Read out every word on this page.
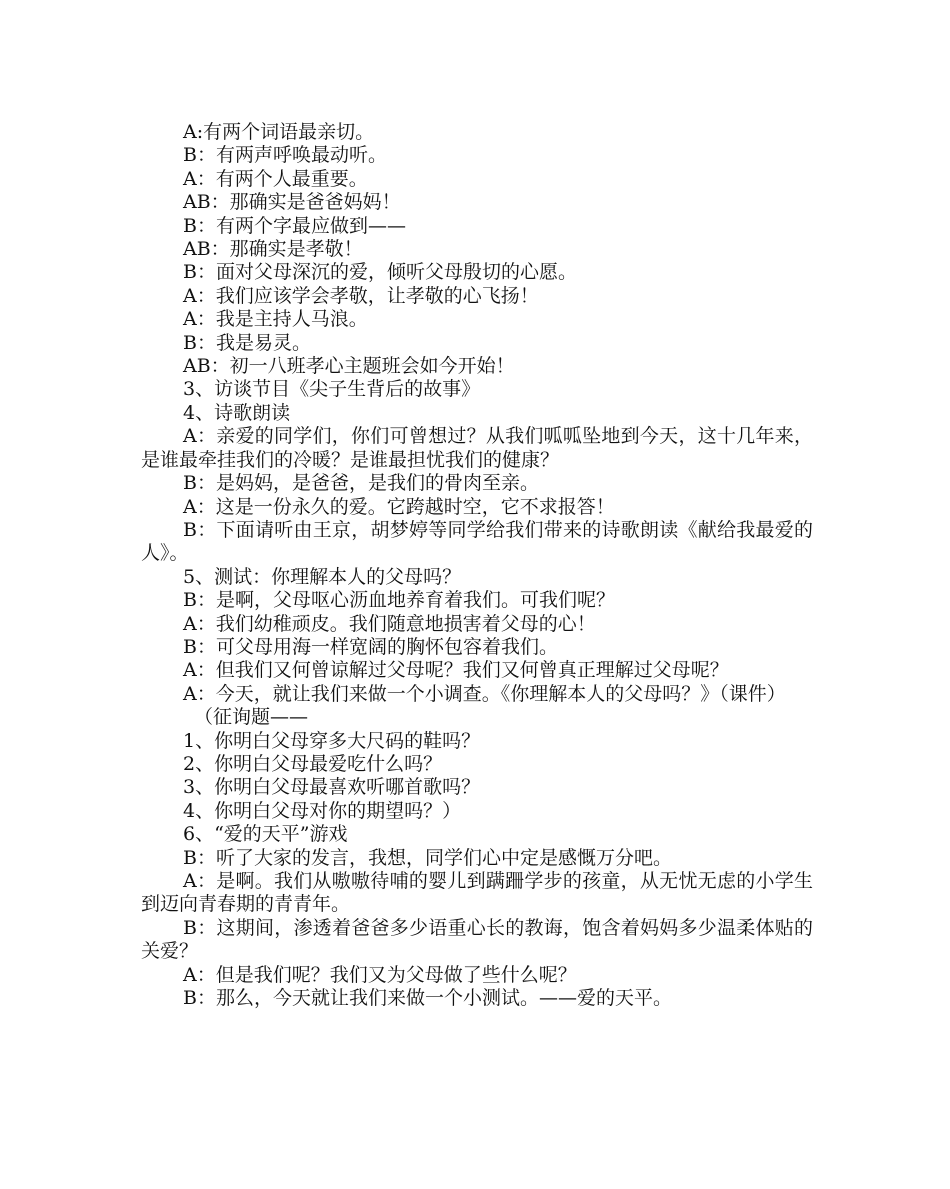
A:有两个词语最亲切。

B：有两声呼唤最动听。

A：有两个人最重要。

AB：那确实是爸爸妈妈！

B：有两个字最应做到——

AB：那确实是孝敬！

B：面对父母深沉的爱，倾听父母殷切的心愿。

A：我们应该学会孝敬，让孝敬的心飞扬！

A：我是主持人马浪。

B：我是易灵。

AB：初一八班孝心主题班会如今开始！

3、访谈节目《尖子生背后的故事》

4、诗歌朗读

A：亲爱的同学们，你们可曾想过？从我们呱呱坠地到今天，这十几年来，是谁最牵挂我们的冷暖？是谁最担忧我们的健康？

B：是妈妈，是爸爸，是我们的骨肉至亲。

A：这是一份永久的爱。它跨越时空，它不求报答！

B：下面请听由王京，胡梦婷等同学给我们带来的诗歌朗读《献给我最爱的人》。

5、测试：你理解本人的父母吗？

B：是啊，父母呕心沥血地养育着我们。可我们呢？

A：我们幼稚顽皮。我们随意地损害着父母的心！

B：可父母用海一样宽阔的胸怀包容着我们。

A：但我们又何曾谅解过父母呢？我们又何曾真正理解过父母呢？

A：今天，就让我们来做一个小调查。《你理解本人的父母吗？》（课件）

（征询题——

1、你明白父母穿多大尺码的鞋吗？

2、你明白父母最爱吃什么吗？

3、你明白父母最喜欢听哪首歌吗？

4、你明白父母对你的期望吗？）

6、“爱的天平”游戏

B：听了大家的发言，我想，同学们心中定是感慨万分吧。

A：是啊。我们从嗷嗷待哺的婴儿到蹒跚学步的孩童，从无忧无虑的小学生到迈向青春期的青青年。

B：这期间，渗透着爸爸多少语重心长的教诲，饱含着妈妈多少温柔体贴的关爱？

A：但是我们呢？我们又为父母做了些什么呢？

B：那么，今天就让我们来做一个小测试。——爱的天平。
